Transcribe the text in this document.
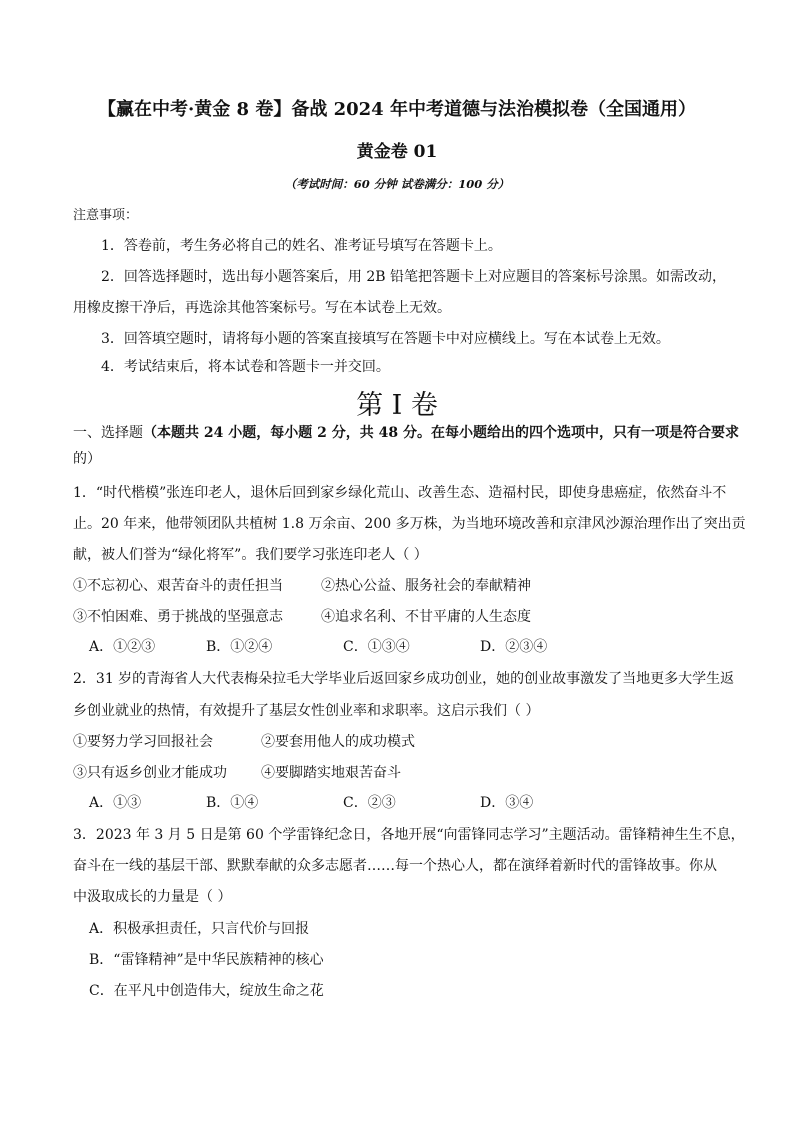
【赢在中考·黄金 8 卷】备战 2024 年中考道德与法治模拟卷（全国通用）
黄金卷 01
（考试时间：60 分钟 试卷满分：100 分）
注意事项：
1．答卷前，考生务必将自己的姓名、准考证号填写在答题卡上。
2．回答选择题时，选出每小题答案后，用 2B 铅笔把答题卡上对应题目的答案标号涂黑。如需改动，
用橡皮擦干净后，再选涂其他答案标号。写在本试卷上无效。
3．回答填空题时，请将每小题的答案直接填写在答题卡中对应横线上。写在本试卷上无效。
4．考试结束后，将本试卷和答题卡一并交回。
第 I 卷
一、选择题（本题共 24 小题，每小题 2 分，共 48 分。在每小题给出的四个选项中，只有一项是符合要求
的）
1．“时代楷模”张连印老人，退休后回到家乡绿化荒山、改善生态、造福村民，即使身患癌症，依然奋斗不
止。20 年来，他带领团队共植树 1.8 万余亩、200 多万株，为当地环境改善和京津风沙源治理作出了突出贡
献，被人们誉为“绿化将军”。我们要学习张连印老人（ ）
①不忘初心、艰苦奋斗的责任担当	②热心公益、服务社会的奉献精神
③不怕困难、勇于挑战的坚强意志	④追求名利、不甘平庸的人生态度
A．①②③	B．①②④	C．①③④	D．②③④
2．31 岁的青海省人大代表梅朵拉毛大学毕业后返回家乡成功创业，她的创业故事激发了当地更多大学生返
乡创业就业的热情，有效提升了基层女性创业率和求职率。这启示我们（ ）
①要努力学习回报社会	②要套用他人的成功模式
③只有返乡创业才能成功 ④要脚踏实地艰苦奋斗
A．①③	B．①④	C．②③	D．③④
3．2023 年 3 月 5 日是第 60 个学雷锋纪念日，各地开展“向雷锋同志学习”主题活动。雷锋精神生生不息，
奋斗在一线的基层干部、默默奉献的众多志愿者……每一个热心人，都在演绎着新时代的雷锋故事。你从
中汲取成长的力量是（ ）
A．积极承担责任，只言代价与回报
B．“雷锋精神”是中华民族精神的核心
C．在平凡中创造伟大，绽放生命之花
